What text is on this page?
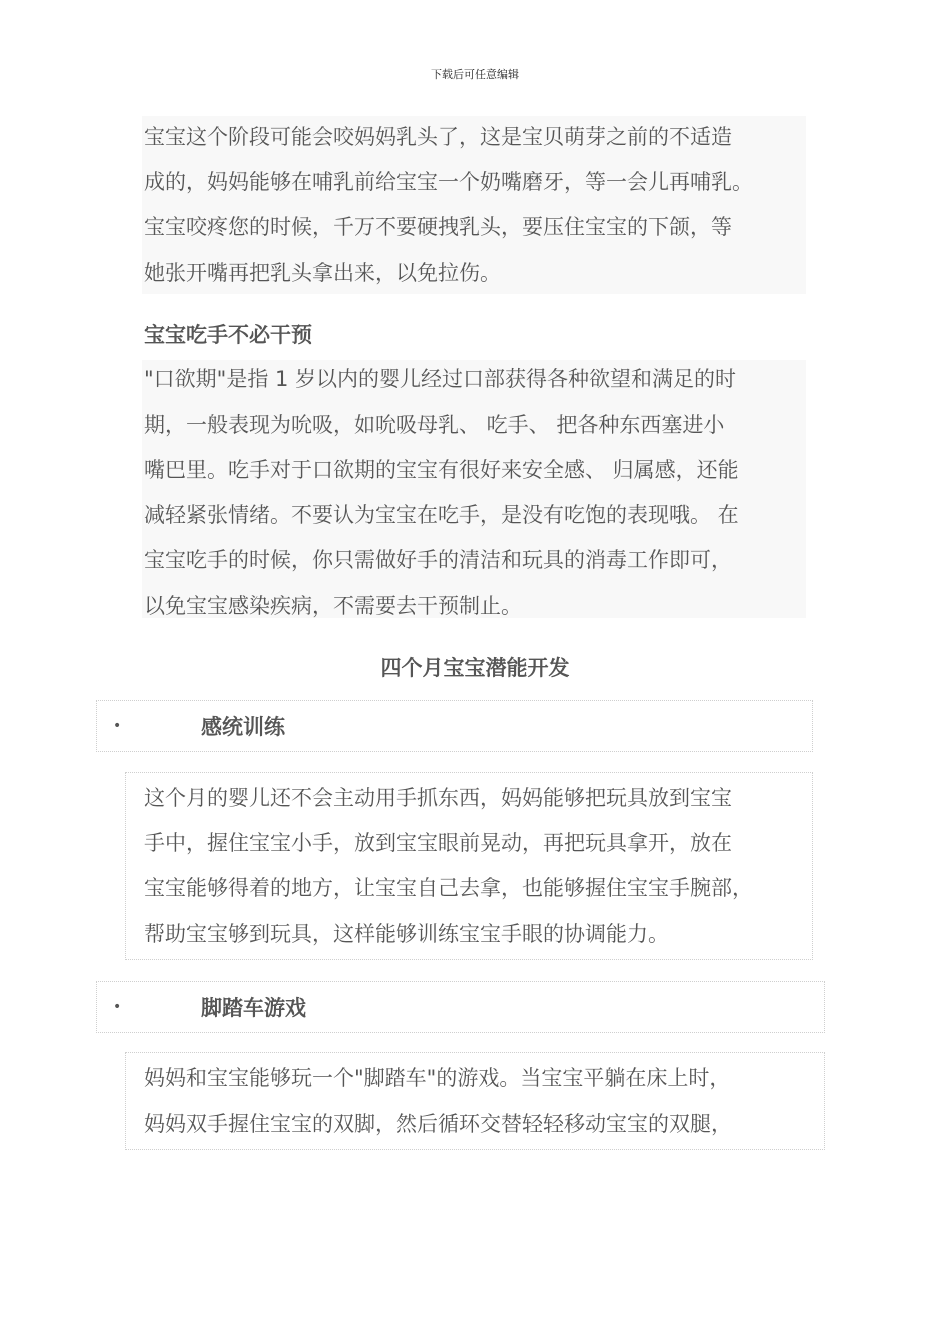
下载后可任意编辑
宝宝这个阶段可能会咬妈妈乳头了，这是宝贝萌芽之前的不适造
成的，妈妈能够在哺乳前给宝宝一个奶嘴磨牙，等一会儿再哺乳。
宝宝咬疼您的时候，千万不要硬拽乳头，要压住宝宝的下颌，等
她张开嘴再把乳头拿出来，以免拉伤。
宝宝吃手不必干预
"口欲期"是指 1 岁以内的婴儿经过口部获得各种欲望和满足的时
期，一般表现为吮吸，如吮吸母乳、 吃手、 把各种东西塞进小
嘴巴里。吃手对于口欲期的宝宝有很好来安全感、 归属感，还能
减轻紧张情绪。不要认为宝宝在吃手，是没有吃饱的表现哦。 在
宝宝吃手的时候，你只需做好手的清洁和玩具的消毒工作即可，
以免宝宝感染疾病，不需要去干预制止。
四个月宝宝潜能开发
•	感统训练
这个月的婴儿还不会主动用手抓东西，妈妈能够把玩具放到宝宝
手中，握住宝宝小手，放到宝宝眼前晃动，再把玩具拿开，放在
宝宝能够得着的地方，让宝宝自己去拿，也能够握住宝宝手腕部，
帮助宝宝够到玩具，这样能够训练宝宝手眼的协调能力。
•	脚踏车游戏
妈妈和宝宝能够玩一个"脚踏车"的游戏。当宝宝平躺在床上时，
妈妈双手握住宝宝的双脚，然后循环交替轻轻移动宝宝的双腿，
